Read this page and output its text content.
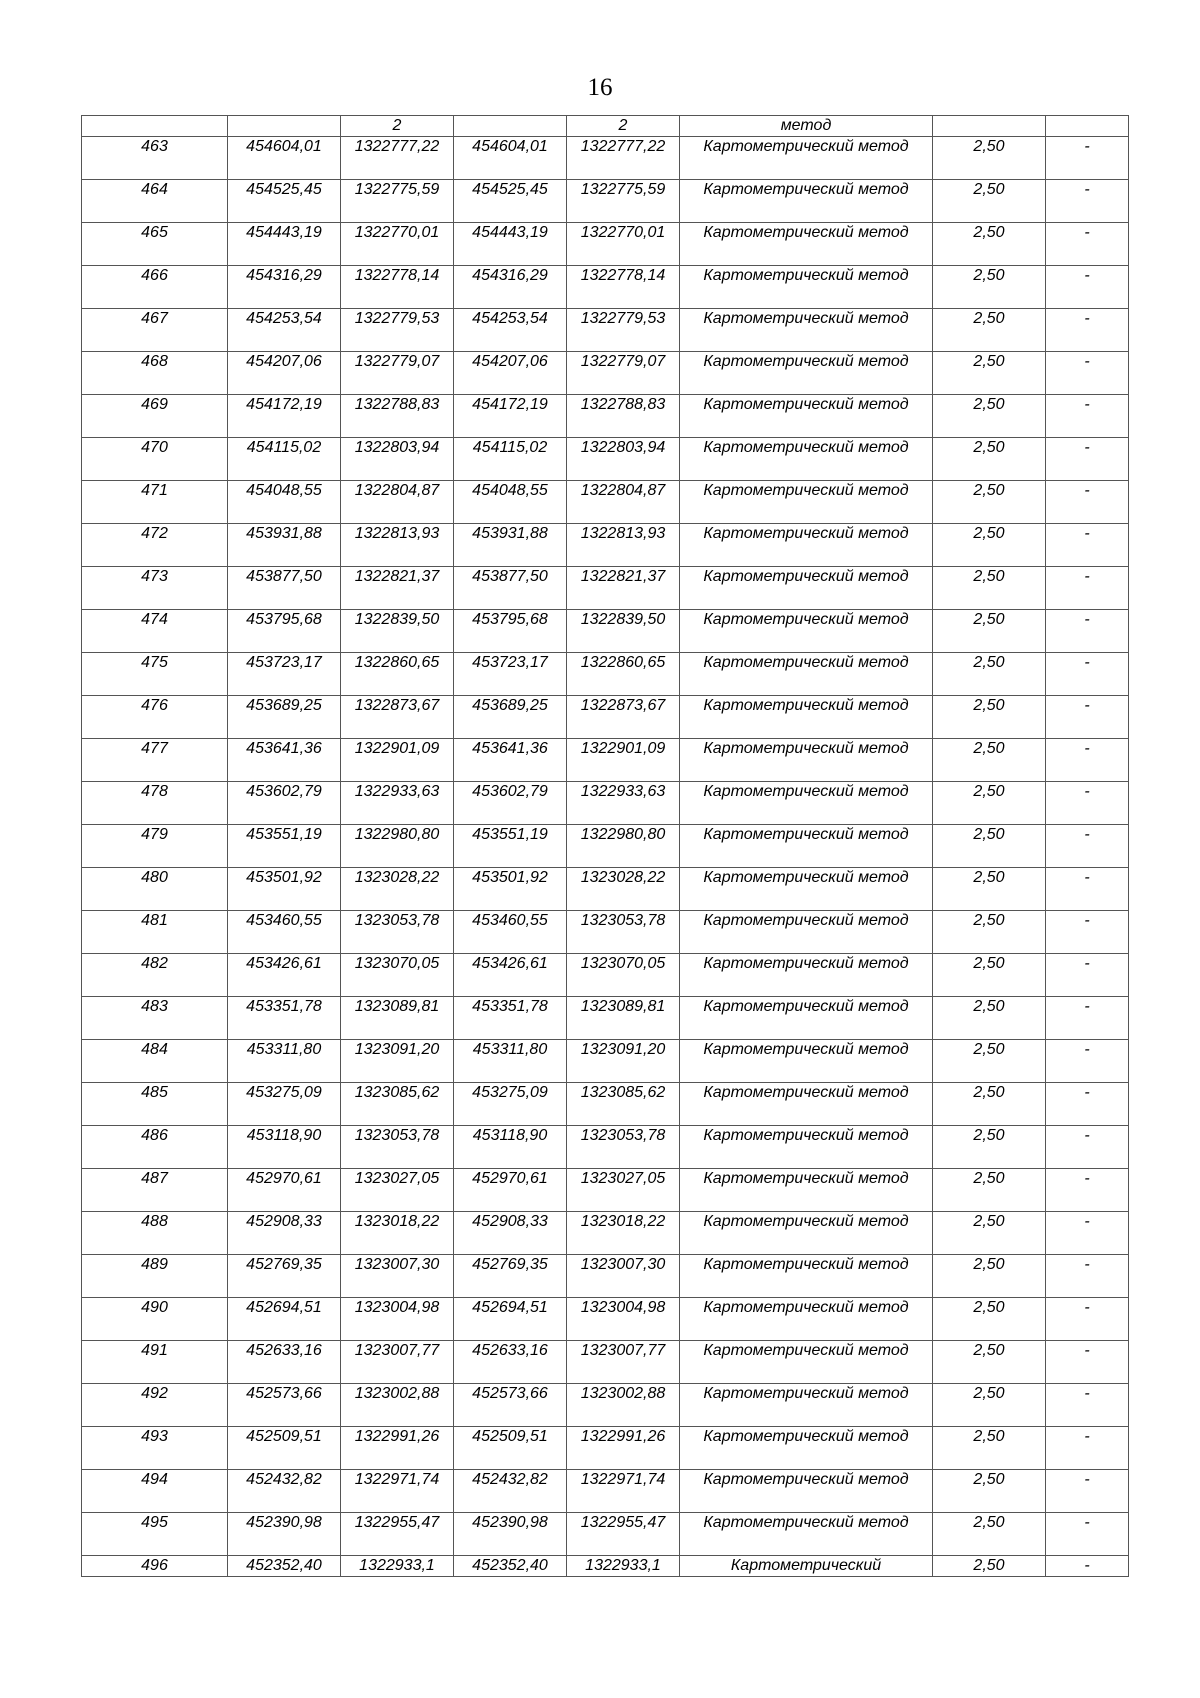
16
		2		2	метод		
463	454604,01	1322777,22	454604,01	1322777,22	Картометрический метод	2,50	-
464	454525,45	1322775,59	454525,45	1322775,59	Картометрический метод	2,50	-
465	454443,19	1322770,01	454443,19	1322770,01	Картометрический метод	2,50	-
466	454316,29	1322778,14	454316,29	1322778,14	Картометрический метод	2,50	-
467	454253,54	1322779,53	454253,54	1322779,53	Картометрический метод	2,50	-
468	454207,06	1322779,07	454207,06	1322779,07	Картометрический метод	2,50	-
469	454172,19	1322788,83	454172,19	1322788,83	Картометрический метод	2,50	-
470	454115,02	1322803,94	454115,02	1322803,94	Картометрический метод	2,50	-
471	454048,55	1322804,87	454048,55	1322804,87	Картометрический метод	2,50	-
472	453931,88	1322813,93	453931,88	1322813,93	Картометрический метод	2,50	-
473	453877,50	1322821,37	453877,50	1322821,37	Картометрический метод	2,50	-
474	453795,68	1322839,50	453795,68	1322839,50	Картометрический метод	2,50	-
475	453723,17	1322860,65	453723,17	1322860,65	Картометрический метод	2,50	-
476	453689,25	1322873,67	453689,25	1322873,67	Картометрический метод	2,50	-
477	453641,36	1322901,09	453641,36	1322901,09	Картометрический метод	2,50	-
478	453602,79	1322933,63	453602,79	1322933,63	Картометрический метод	2,50	-
479	453551,19	1322980,80	453551,19	1322980,80	Картометрический метод	2,50	-
480	453501,92	1323028,22	453501,92	1323028,22	Картометрический метод	2,50	-
481	453460,55	1323053,78	453460,55	1323053,78	Картометрический метод	2,50	-
482	453426,61	1323070,05	453426,61	1323070,05	Картометрический метод	2,50	-
483	453351,78	1323089,81	453351,78	1323089,81	Картометрический метод	2,50	-
484	453311,80	1323091,20	453311,80	1323091,20	Картометрический метод	2,50	-
485	453275,09	1323085,62	453275,09	1323085,62	Картометрический метод	2,50	-
486	453118,90	1323053,78	453118,90	1323053,78	Картометрический метод	2,50	-
487	452970,61	1323027,05	452970,61	1323027,05	Картометрический метод	2,50	-
488	452908,33	1323018,22	452908,33	1323018,22	Картометрический метод	2,50	-
489	452769,35	1323007,30	452769,35	1323007,30	Картометрический метод	2,50	-
490	452694,51	1323004,98	452694,51	1323004,98	Картометрический метод	2,50	-
491	452633,16	1323007,77	452633,16	1323007,77	Картометрический метод	2,50	-
492	452573,66	1323002,88	452573,66	1323002,88	Картометрический метод	2,50	-
493	452509,51	1322991,26	452509,51	1322991,26	Картометрический метод	2,50	-
494	452432,82	1322971,74	452432,82	1322971,74	Картометрический метод	2,50	-
495	452390,98	1322955,47	452390,98	1322955,47	Картометрический метод	2,50	-
496	452352,40	1322933,1	452352,40	1322933,1	Картометрический	2,50	-
